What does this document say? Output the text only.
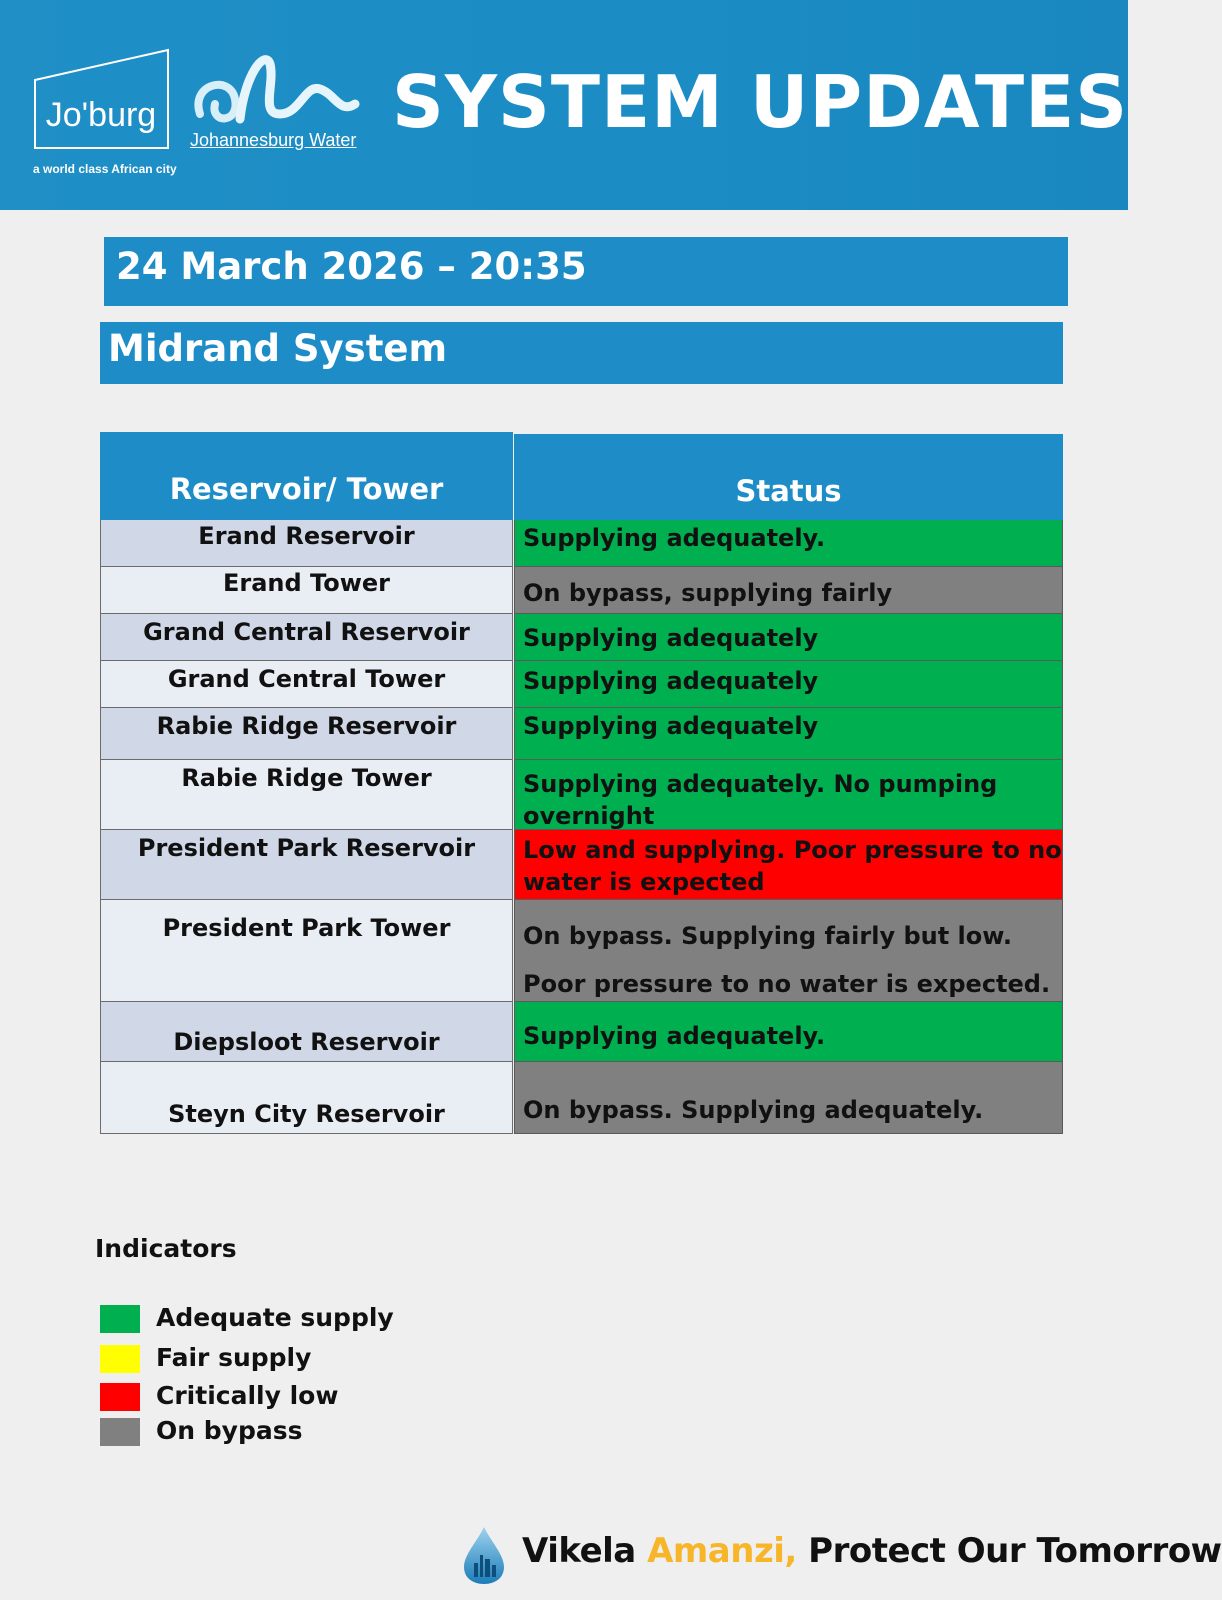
Jo'burg
a world class African city
Johannesburg Water SYSTEM UPDATES
24 March 2026 – 20:35
Midrand System
Reservoir/ Tower	Status
Erand Reservoir	Supplying adequately.
Erand Tower	On bypass, supplying fairly
Grand Central Reservoir	Supplying adequately
Grand Central Tower	Supplying adequately
Rabie Ridge Reservoir	Supplying adequately
Rabie Ridge Tower	Supplying adequately. No pumping overnight
President Park Reservoir	Low and supplying. Poor pressure to no water is expected
President Park Tower	On bypass. Supplying fairly but low. Poor pressure to no water is expected.
Diepsloot Reservoir	Supplying adequately.
Steyn City Reservoir	On bypass. Supplying adequately.
Indicators
Adequate supply
Fair supply
Critically low
On bypass
Vikela Amanzi, Protect Our Tomorrow
